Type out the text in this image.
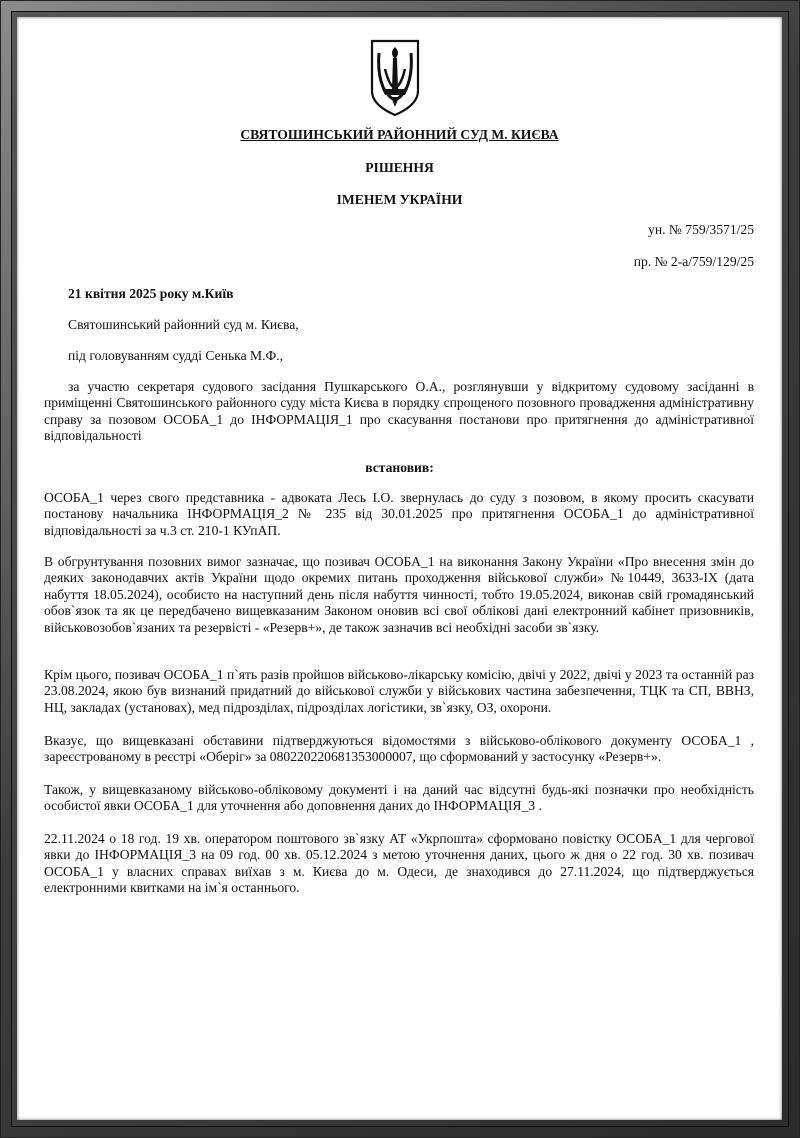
СВЯТОШИНСЬКИЙ РАЙОННИЙ СУД М. КИЄВА
РІШЕННЯ
ІМЕНЕМ УКРАЇНИ
ун. № 759/3571/25
пр. № 2-а/759/129/25
21 квітня 2025 року м.Київ
Святошинський районний суд м. Києва,
під головуванням судді Сенька М.Ф.,
за участю секретаря судового засідання Пушкарського О.А., розглянувши у відкритому судовому засіданні в приміщенні Святошинського районного суду міста Києва в порядку спрощеного позовного провадження адміністративну справу за позовом ОСОБА_1 до ІНФОРМАЦІЯ_1 про скасування постанови про притягнення до адміністративної відповідальності
встановив:
ОСОБА_1 через свого представника - адвоката Лесь І.О. звернулась до суду з позовом, в якому просить скасувати постанову начальника ІНФОРМАЦІЯ_2 № 235 від 30.01.2025 про притягнення ОСОБА_1 до адміністративної відповідальності за ч.3 ст. 210-1 КУпАП.
В обгрунтування позовних вимог зазначає, що позивач ОСОБА_1 на виконання Закону України «Про внесення змін до деяких законодавчих актів України щодо окремих питань проходження військової служби» №10449, 3633-IX (дата набуття 18.05.2024), особисто на наступний день після набуття чинності, тобто 19.05.2024, виконав свій громадянський обов`язок та як це передбачено вищевказаним Законом оновив всі свої облікові дані електронний кабінет призовників, військовозобов`язаних та резервісті - «Резерв+», де також зазначив всі необхідні засоби зв`язку.
Крім цього, позивач ОСОБА_1 п`ять разів пройшов військово-лікарську комісію, двічі у 2022, двічі у 2023 та останній раз 23.08.2024, якою був визнаний придатний до військової служби у військових частина забезпечення, ТЦК та СП, ВВНЗ, НЦ, закладах (установах), мед підрозділах, підрозділах логістики, зв`язку, ОЗ, охорони.
Вказує, що вищевказані обставини підтверджуються відомостями з військово-облікового документу ОСОБА_1 , зареєстрованому в реєстрі «Оберіг» за 080220220681353000007, що сформований у застосунку «Резерв+».
Також, у вищевказаному військово-обліковому документі і на даний час відсутні будь-які позначки про необхідність особистої явки ОСОБА_1 для уточнення або доповнення даних до ІНФОРМАЦІЯ_3 .
22.11.2024 о 18 год. 19 хв. оператором поштового зв`язку АТ «Укрпошта» сформовано повістку ОСОБА_1 для чергової явки до ІНФОРМАЦІЯ_3 на 09 год. 00 хв. 05.12.2024 з метою уточнення даних, цього ж дня о 22 год. 30 хв. позивач ОСОБА_1 у власних справах виїхав з м. Києва до м. Одеси, де знаходився до 27.11.2024, що підтверджується електронними квитками на ім`я останнього.
